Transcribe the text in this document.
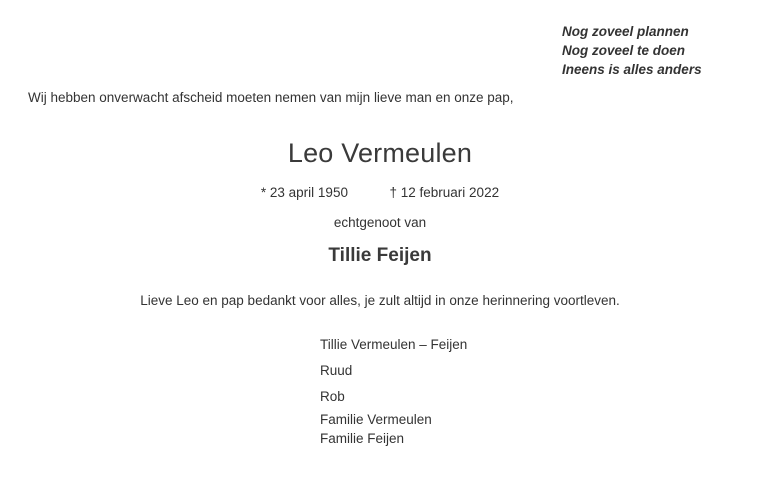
Nog zoveel plannen
Nog zoveel te doen
Ineens is alles anders
Wij hebben onverwacht afscheid moeten nemen van mijn lieve man en onze pap,
Leo Vermeulen
* 23 april 1950	† 12 februari 2022
echtgenoot van
Tillie Feijen
Lieve Leo en pap bedankt voor alles, je zult altijd in onze herinnering voortleven.
Tillie Vermeulen – Feijen
Ruud
Rob
Familie Vermeulen
Familie Feijen
